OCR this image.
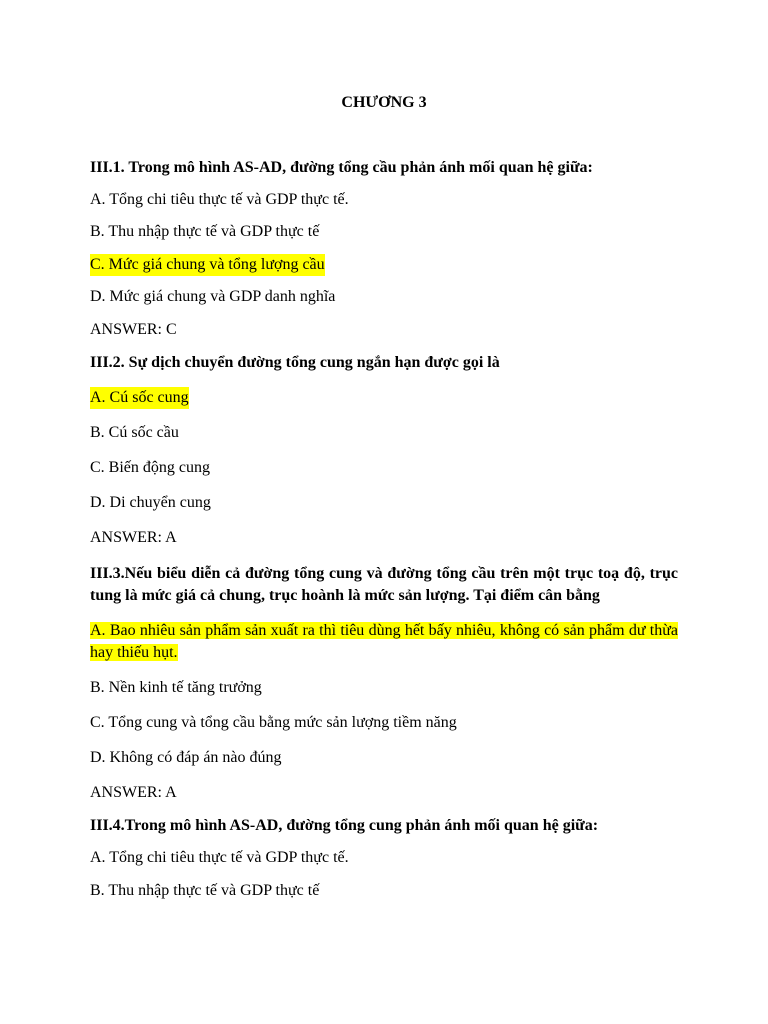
CHƯƠNG 3
III.1. Trong mô hình AS-AD, đường tổng cầu phản ánh mối quan hệ giữa:
A. Tổng chi tiêu thực tế và GDP thực tế.
B. Thu nhập thực tế và GDP thực tế
C. Mức giá chung và tổng lượng cầu
D. Mức giá chung và GDP danh nghĩa
ANSWER: C
III.2. Sự dịch chuyển đường tổng cung ngắn hạn được gọi là
A. Cú sốc cung
B. Cú sốc cầu
C. Biến động cung
D. Di chuyển cung
ANSWER: A
III.3.Nếu biểu diễn cả đường tổng cung và đường tổng cầu trên một trục toạ độ, trục tung là mức giá cả chung, trục hoành là mức sản lượng. Tại điểm cân bằng
A. Bao nhiêu sản phẩm sản xuất ra thì tiêu dùng hết bấy nhiêu, không có sản phẩm dư thừa hay thiếu hụt.
B. Nền kinh tế tăng trưởng
C. Tổng cung và tổng cầu bằng mức sản lượng tiềm năng
D. Không có đáp án nào đúng
ANSWER: A
III.4.Trong mô hình AS-AD, đường tổng cung phản ánh mối quan hệ giữa:
A. Tổng chi tiêu thực tế và GDP thực tế.
B. Thu nhập thực tế và GDP thực tế
